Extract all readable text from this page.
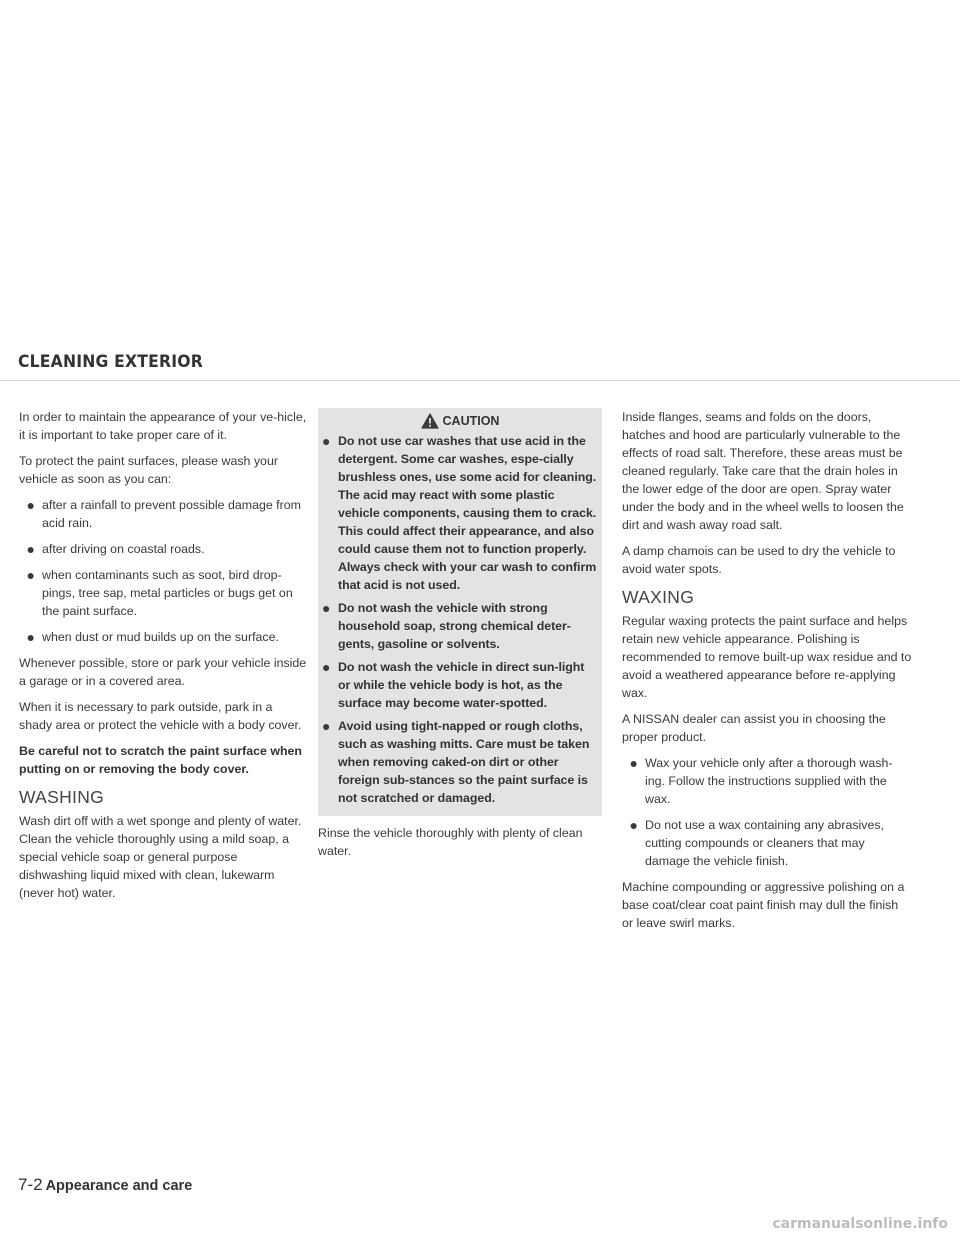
CLEANING EXTERIOR

In order to maintain the appearance of your ve-hicle, it is important to take proper care of it.

To protect the paint surfaces, please wash your vehicle as soon as you can:

● after a rainfall to prevent possible damage from acid rain.
● after driving on coastal roads.
● when contaminants such as soot, bird drop-pings, tree sap, metal particles or bugs get on the paint surface.
● when dust or mud builds up on the surface.

Whenever possible, store or park your vehicle inside a garage or in a covered area.

When it is necessary to park outside, park in a shady area or protect the vehicle with a body cover.

Be careful not to scratch the paint surface when putting on or removing the body cover.

WASHING

Wash dirt off with a wet sponge and plenty of water. Clean the vehicle thoroughly using a mild soap, a special vehicle soap or general purpose dishwashing liquid mixed with clean, lukewarm (never hot) water.

CAUTION
● Do not use car washes that use acid in the detergent. Some car washes, espe-cially brushless ones, use some acid for cleaning. The acid may react with some plastic vehicle components, causing them to crack. This could affect their appearance, and also could cause them not to function properly. Always check with your car wash to confirm that acid is not used.
● Do not wash the vehicle with strong household soap, strong chemical deter-gents, gasoline or solvents.
● Do not wash the vehicle in direct sun-light or while the vehicle body is hot, as the surface may become water-spotted.
● Avoid using tight-napped or rough cloths, such as washing mitts. Care must be taken when removing caked-on dirt or other foreign sub-stances so the paint surface is not scratched or damaged.

Rinse the vehicle thoroughly with plenty of clean water.

Inside flanges, seams and folds on the doors, hatches and hood are particularly vulnerable to the effects of road salt. Therefore, these areas must be cleaned regularly. Take care that the drain holes in the lower edge of the door are open. Spray water under the body and in the wheel wells to loosen the dirt and wash away road salt.

A damp chamois can be used to dry the vehicle to avoid water spots.

WAXING

Regular waxing protects the paint surface and helps retain new vehicle appearance. Polishing is recommended to remove built-up wax residue and to avoid a weathered appearance before re-applying wax.

A NISSAN dealer can assist you in choosing the proper product.

● Wax your vehicle only after a thorough wash-ing. Follow the instructions supplied with the wax.
● Do not use a wax containing any abrasives, cutting compounds or cleaners that may damage the vehicle finish.

Machine compounding or aggressive polishing on a base coat/clear coat paint finish may dull the finish or leave swirl marks.

7-2 Appearance and care
carmanualsonline.info
